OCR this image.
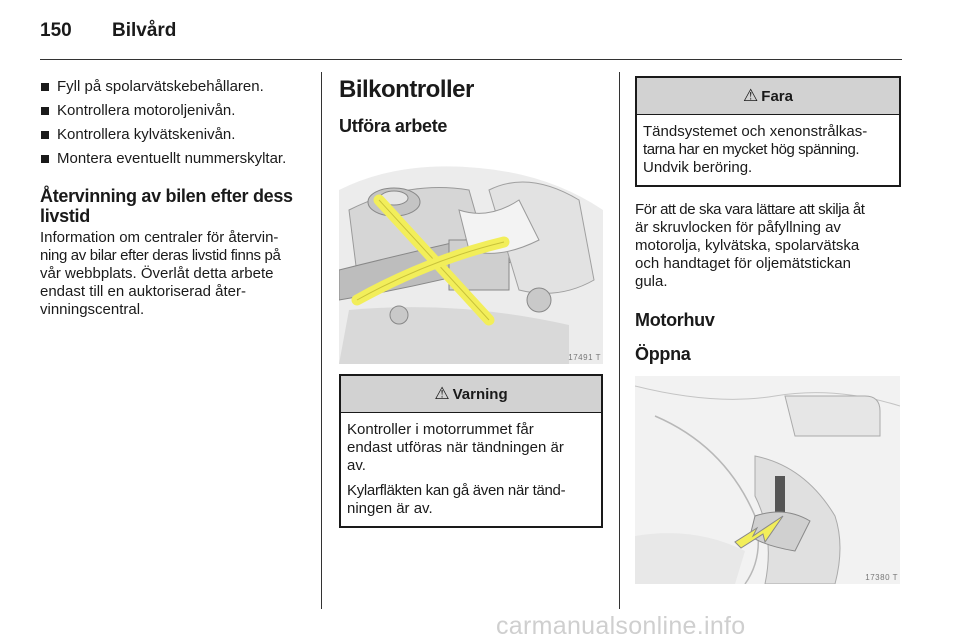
150	Bilvård
Fyll på spolarvätskebehållaren.
Kontrollera motoroljenivån.
Kontrollera kylvätskenivån.
Montera eventuellt nummerskyltar.
Återvinning av bilen efter dess
livstid

Information om centraler för återvin-
ning av bilar efter deras livstid finns på
vår webbplats. Överlåt detta arbete
endast till en auktoriserad åter-
vinningscentral.

Bilkontroller
Utföra arbete
17491 T
⚠ Varning

Kontroller i motorrummet får
endast utföras när tändningen är
av.

Kylarfläkten kan gå även när tänd-
ningen är av.

⚠ Fara

Tändsystemet och xenonstrålkas-
tarna har en mycket hög spänning.
Undvik beröring.

För att de ska vara lättare att skilja åt
är skruvlocken för påfyllning av
motorolja, kylvätska, spolarvätska
och handtaget för oljemätstickan
gula.

Motorhuv
Öppna
17380 T
carmanualsonline.info
